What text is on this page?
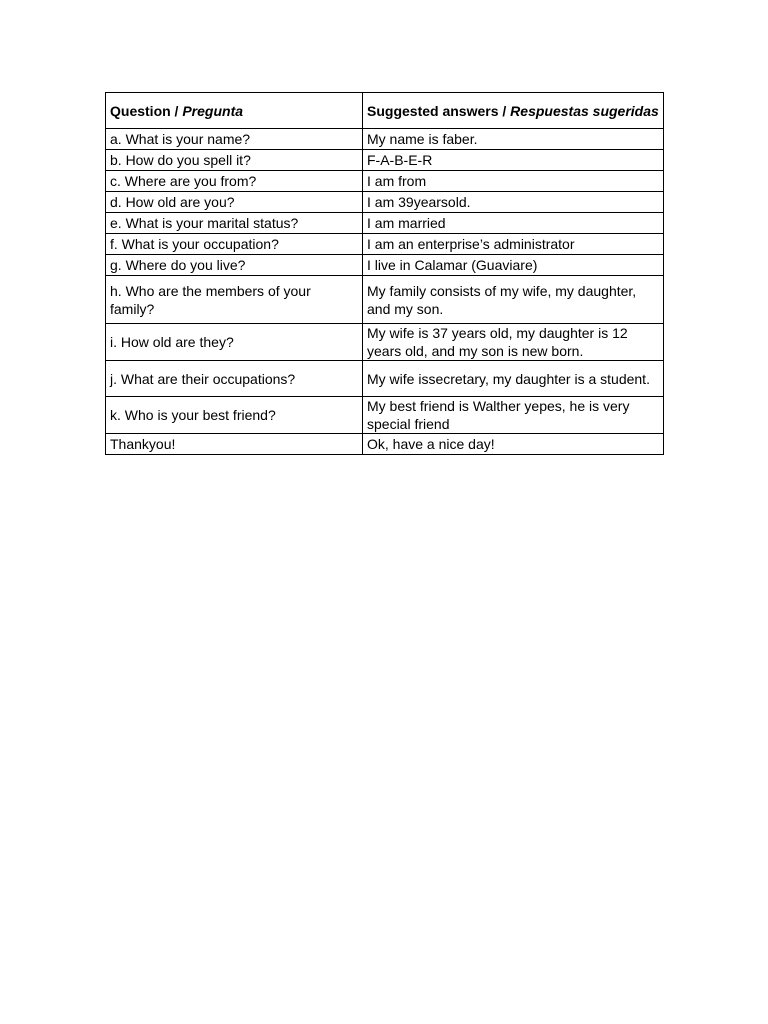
Question / Pregunta	Suggested answers / Respuestas sugeridas
a. What is your name?	My name is faber.
b. How do you spell it?	F-A-B-E-R
c. Where are you from?	I am from
d. How old are you?	I am 39yearsold.
e. What is your marital status?	I am married
f. What is your occupation?	I am an enterprise’s administrator
g. Where do you live?	I live in Calamar (Guaviare)
h. Who are the members of your family?	My family consists of my wife, my daughter, and my son.
i. How old are they?	My wife is 37 years old, my daughter is 12 years old, and my son is new born.
j. What are their occupations?	My wife issecretary, my daughter is a student.
k. Who is your best friend?	My best friend is Walther yepes, he is very special friend
Thankyou!	Ok, have a nice day!
